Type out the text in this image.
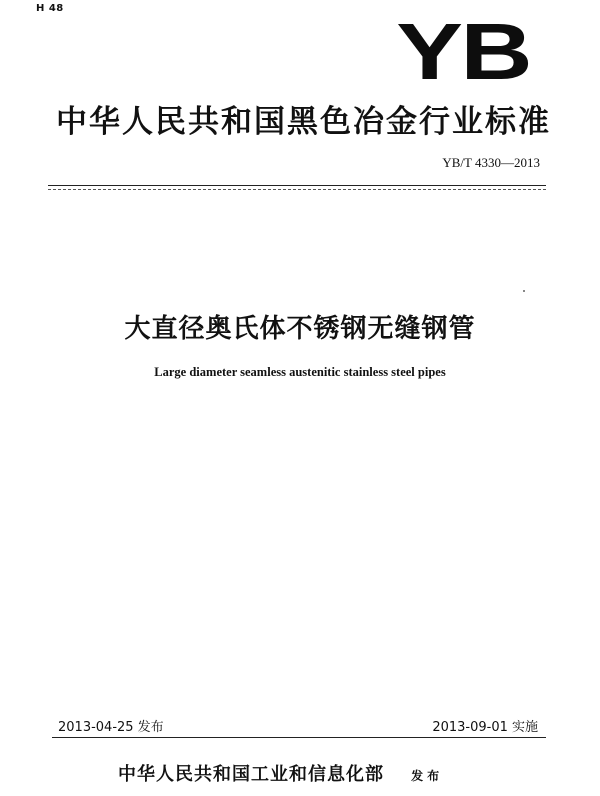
H 48	YB
中华人民共和国黑色冶金行业标准
YB/T 4330—2013
大直径奥氏体不锈钢无缝钢管
Large diameter seamless austenitic stainless steel pipes
2013-04-25 发布	2013-09-01 实施
中华人民共和国工业和信息化部 发布
